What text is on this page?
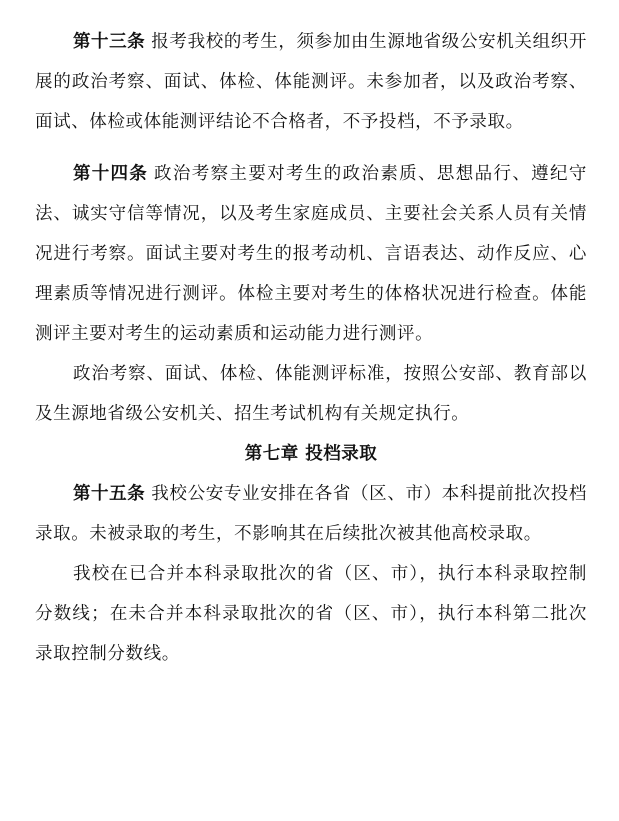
第十三条 报考我校的考生，须参加由生源地省级公安机关组织开展的政治考察、面试、体检、体能测评。未参加者，以及政治考察、面试、体检或体能测评结论不合格者，不予投档，不予录取。

第十四条 政治考察主要对考生的政治素质、思想品行、遵纪守法、诚实守信等情况，以及考生家庭成员、主要社会关系人员有关情况进行考察。面试主要对考生的报考动机、言语表达、动作反应、心理素质等情况进行测评。体检主要对考生的体格状况进行检查。体能测评主要对考生的运动素质和运动能力进行测评。

政治考察、面试、体检、体能测评标准，按照公安部、教育部以及生源地省级公安机关、招生考试机构有关规定执行。

第七章 投档录取

第十五条 我校公安专业安排在各省（区、市）本科提前批次投档录取。未被录取的考生，不影响其在后续批次被其他高校录取。

我校在已合并本科录取批次的省（区、市），执行本科录取控制分数线；在未合并本科录取批次的省（区、市），执行本科第二批次录取控制分数线。
